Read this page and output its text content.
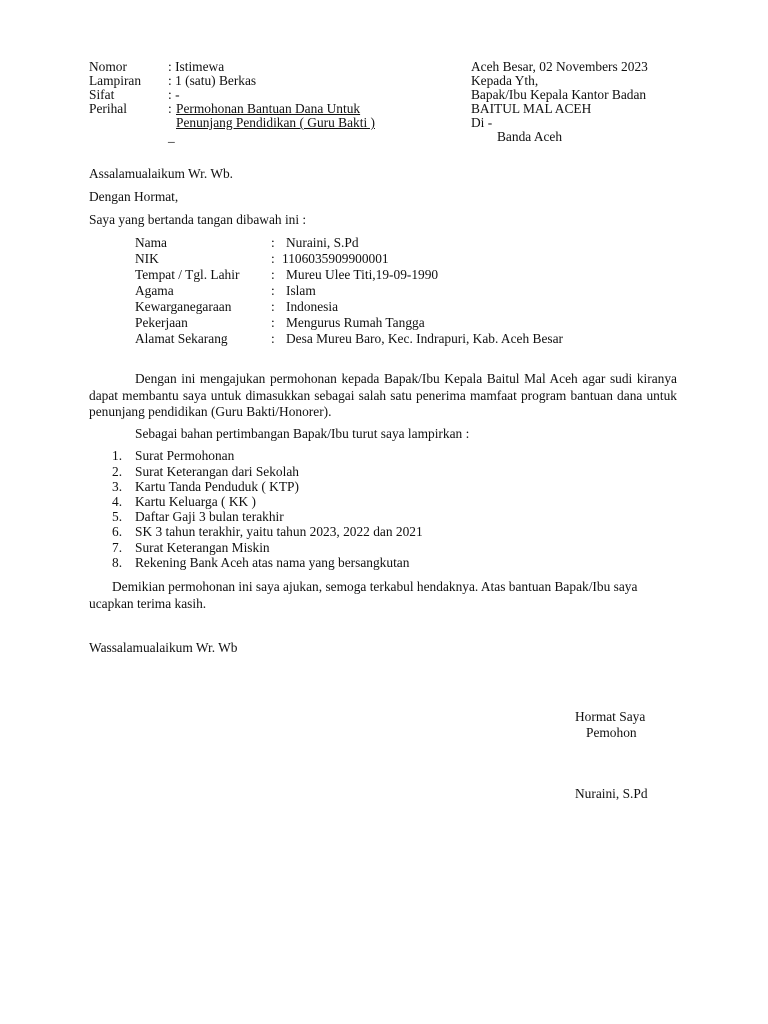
Nomor	: Istimewa
Lampiran : 1 (satu) Berkas
Sifat	: -
Perihal	: Permohonan Bantuan Dana Untuk
Penunjang Pendidikan ( Guru Bakti )
_
Aceh Besar, 02 Novembers 2023
Kepada Yth,
Bapak/Ibu Kepala Kantor Badan
BAITUL MAL ACEH
Di -
Banda Aceh
Assalamualaikum Wr. Wb.
Dengan Hormat,
Saya yang bertanda tangan dibawah ini :
Nama	: Nuraini, S.Pd
NIK	: 1106035909900001
Tempat / Tgl. Lahir : Mureu Ulee Titi,19-09-1990
Agama	: Islam
Kewarganegaraan	: Indonesia
Pekerjaan	: Mengurus Rumah Tangga
Alamat Sekarang	: Desa Mureu Baro, Kec. Indrapuri, Kab. Aceh Besar
Dengan ini mengajukan permohonan kepada Bapak/Ibu Kepala Baitul Mal Aceh agar sudi kiranya dapat membantu saya untuk dimasukkan sebagai salah satu penerima mamfaat program bantuan dana untuk penunjang pendidikan (Guru Bakti/Honorer).
Sebagai bahan pertimbangan Bapak/Ibu turut saya lampirkan :
1. Surat Permohonan
2. Surat Keterangan dari Sekolah
3. Kartu Tanda Penduduk ( KTP)
4. Kartu Keluarga ( KK )
5. Daftar Gaji 3 bulan terakhir
6. SK 3 tahun terakhir, yaitu tahun 2023, 2022 dan 2021
7. Surat Keterangan Miskin
8. Rekening Bank Aceh atas nama yang bersangkutan
Demikian permohonan ini saya ajukan, semoga terkabul hendaknya. Atas bantuan Bapak/Ibu saya ucapkan terima kasih.
Wassalamualaikum Wr. Wb
Hormat Saya
Pemohon
Nuraini, S.Pd
